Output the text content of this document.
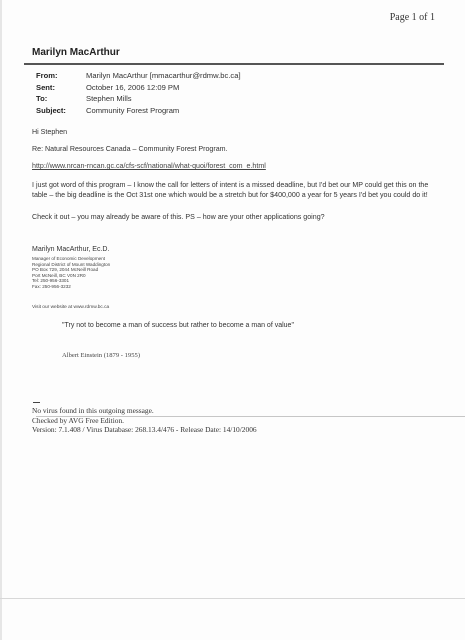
Page 1 of 1
Marilyn MacArthur
From:	Marilyn MacArthur [mmacarthur@rdmw.bc.ca]
Sent:	October 16, 2006 12:09 PM
To:	Stephen Mills
Subject:	Community Forest Program
Hi Stephen
Re: Natural Resources Canada – Community Forest Program.
http://www.nrcan-rncan.gc.ca/cfs-scf/national/what-quoi/forest_com_e.html
I just got word of this program – I know the call for letters of intent is a missed deadline, but I'd bet our MP could get this on the table – the big deadline is the Oct 31st one which would be a stretch but for $400,000 a year for 5 years I'd bet you could do it!
Check it out – you may already be aware of this. PS – how are your other applications going?
Marilyn MacArthur, Ec.D.
Manager of Economic Development
Regional District of Mount Waddington
PO Box 729, 2044 McNeill Road
Port McNeill, BC V0N 2R0
Tel: 250-956-3301
Fax: 250-956-3232
Visit our website at www.rdmw.bc.ca
"Try not to become a man of success but rather to become a man of value"
Albert Einstein (1879 - 1955)
No virus found in this outgoing message.
Checked by AVG Free Edition.
Version: 7.1.408 / Virus Database: 268.13.4/476 - Release Date: 14/10/2006
